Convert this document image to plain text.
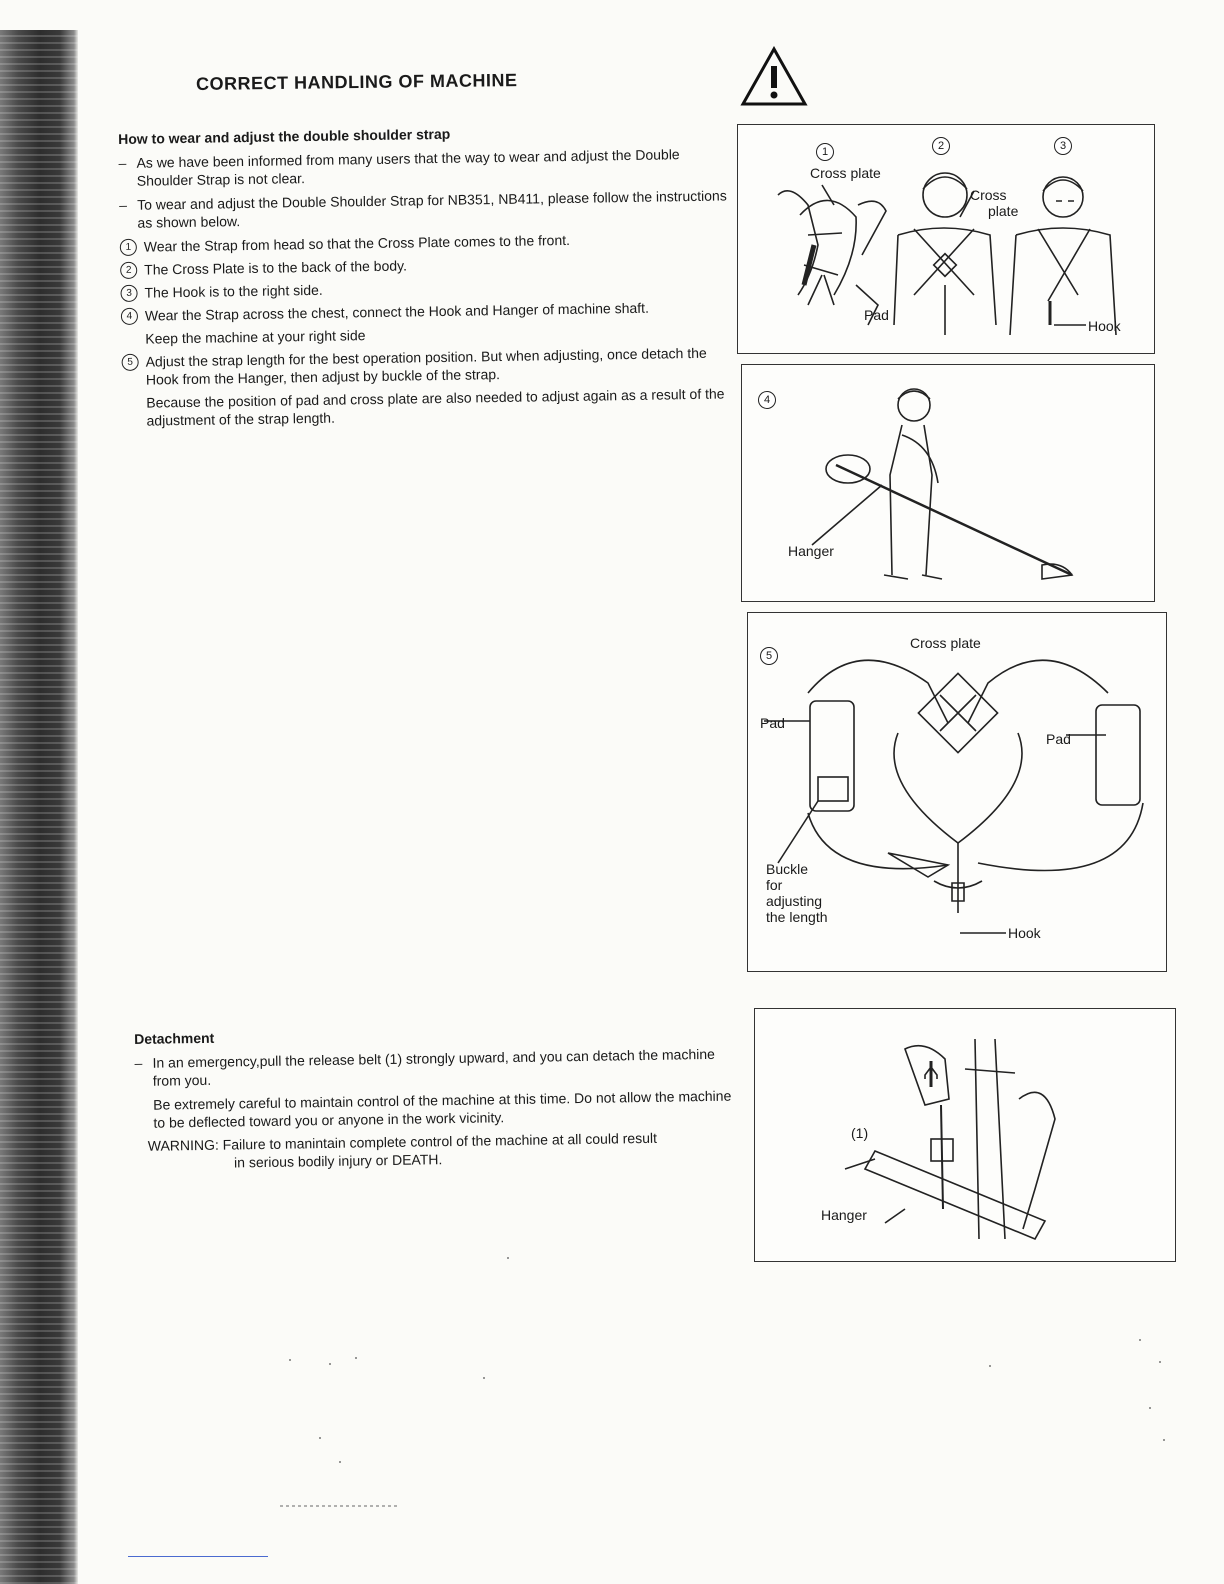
CORRECT HANDLING OF MACHINE
How to wear and adjust the double shoulder strap
– As we have been informed from many users that the way to wear and adjust the Double Shoulder Strap is not clear.
– To wear and adjust the Double Shoulder Strap for NB351, NB411, please follow the instructions as shown below.
1 Wear the Strap from head so that the Cross Plate comes to the front.
2 The Cross Plate is to the back of the body.
3 The Hook is to the right side.
4 Wear the Strap across the chest, connect the Hook and Hanger of machine shaft.
Keep the machine at your right side
5 Adjust the strap length for the best operation position. But when adjusting, once detach the Hook from the Hanger, then adjust by buckle of the strap.
Because the position of pad and cross plate are also needed to adjust again as a result of the adjustment of the strap length.
Detachment
– In an emergency,pull the release belt (1) strongly upward, and you can detach the machine from you.
Be extremely careful to maintain control of the machine at this time. Do not allow the machine to be deflected toward you or anyone in the work vicinity.
WARNING: Failure to manintain complete control of the machine at all could result
in serious bodily injury or DEATH.
1	2	3
Cross plate
Cross
plate
Pad
Hook
4
Hanger
5
Cross plate
Pad
Pad
Buckle
for
adjusting
the length
Hook
(1)
Hanger
